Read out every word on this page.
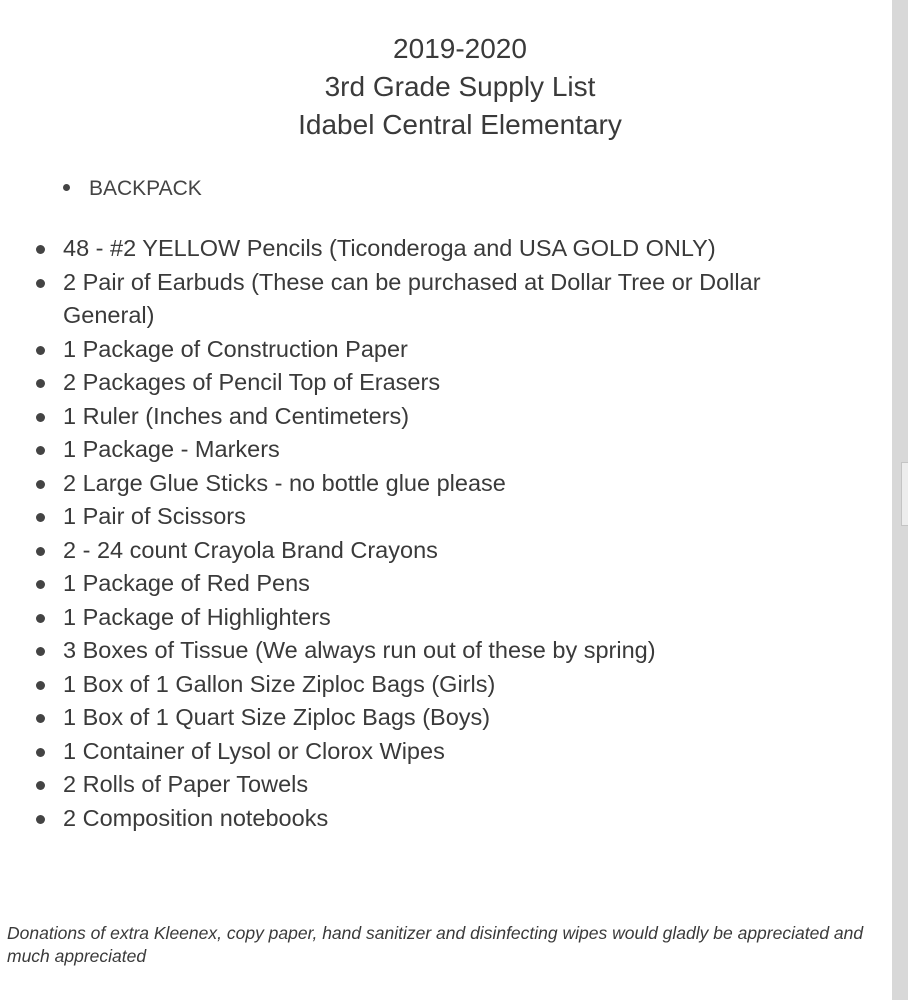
2019-2020
3rd Grade Supply List
Idabel Central Elementary
BACKPACK
48 - #2 YELLOW Pencils (Ticonderoga and USA GOLD ONLY)
2 Pair of Earbuds (These can be purchased at Dollar Tree or Dollar General)
1 Package of Construction Paper
2 Packages of Pencil Top of Erasers
1 Ruler (Inches and Centimeters)
1 Package - Markers
2 Large Glue Sticks - no bottle glue please
1 Pair of Scissors
2 - 24 count Crayola Brand Crayons
1 Package of Red Pens
1 Package of Highlighters
3 Boxes of Tissue (We always run out of these by spring)
1 Box of 1 Gallon Size Ziploc Bags (Girls)
1 Box of 1 Quart Size Ziploc Bags (Boys)
1 Container of Lysol or Clorox Wipes
2 Rolls of Paper Towels
2 Composition notebooks
Donations of extra Kleenex, copy paper, hand sanitizer and disinfecting wipes would gladly be appreciated and much appreciated
